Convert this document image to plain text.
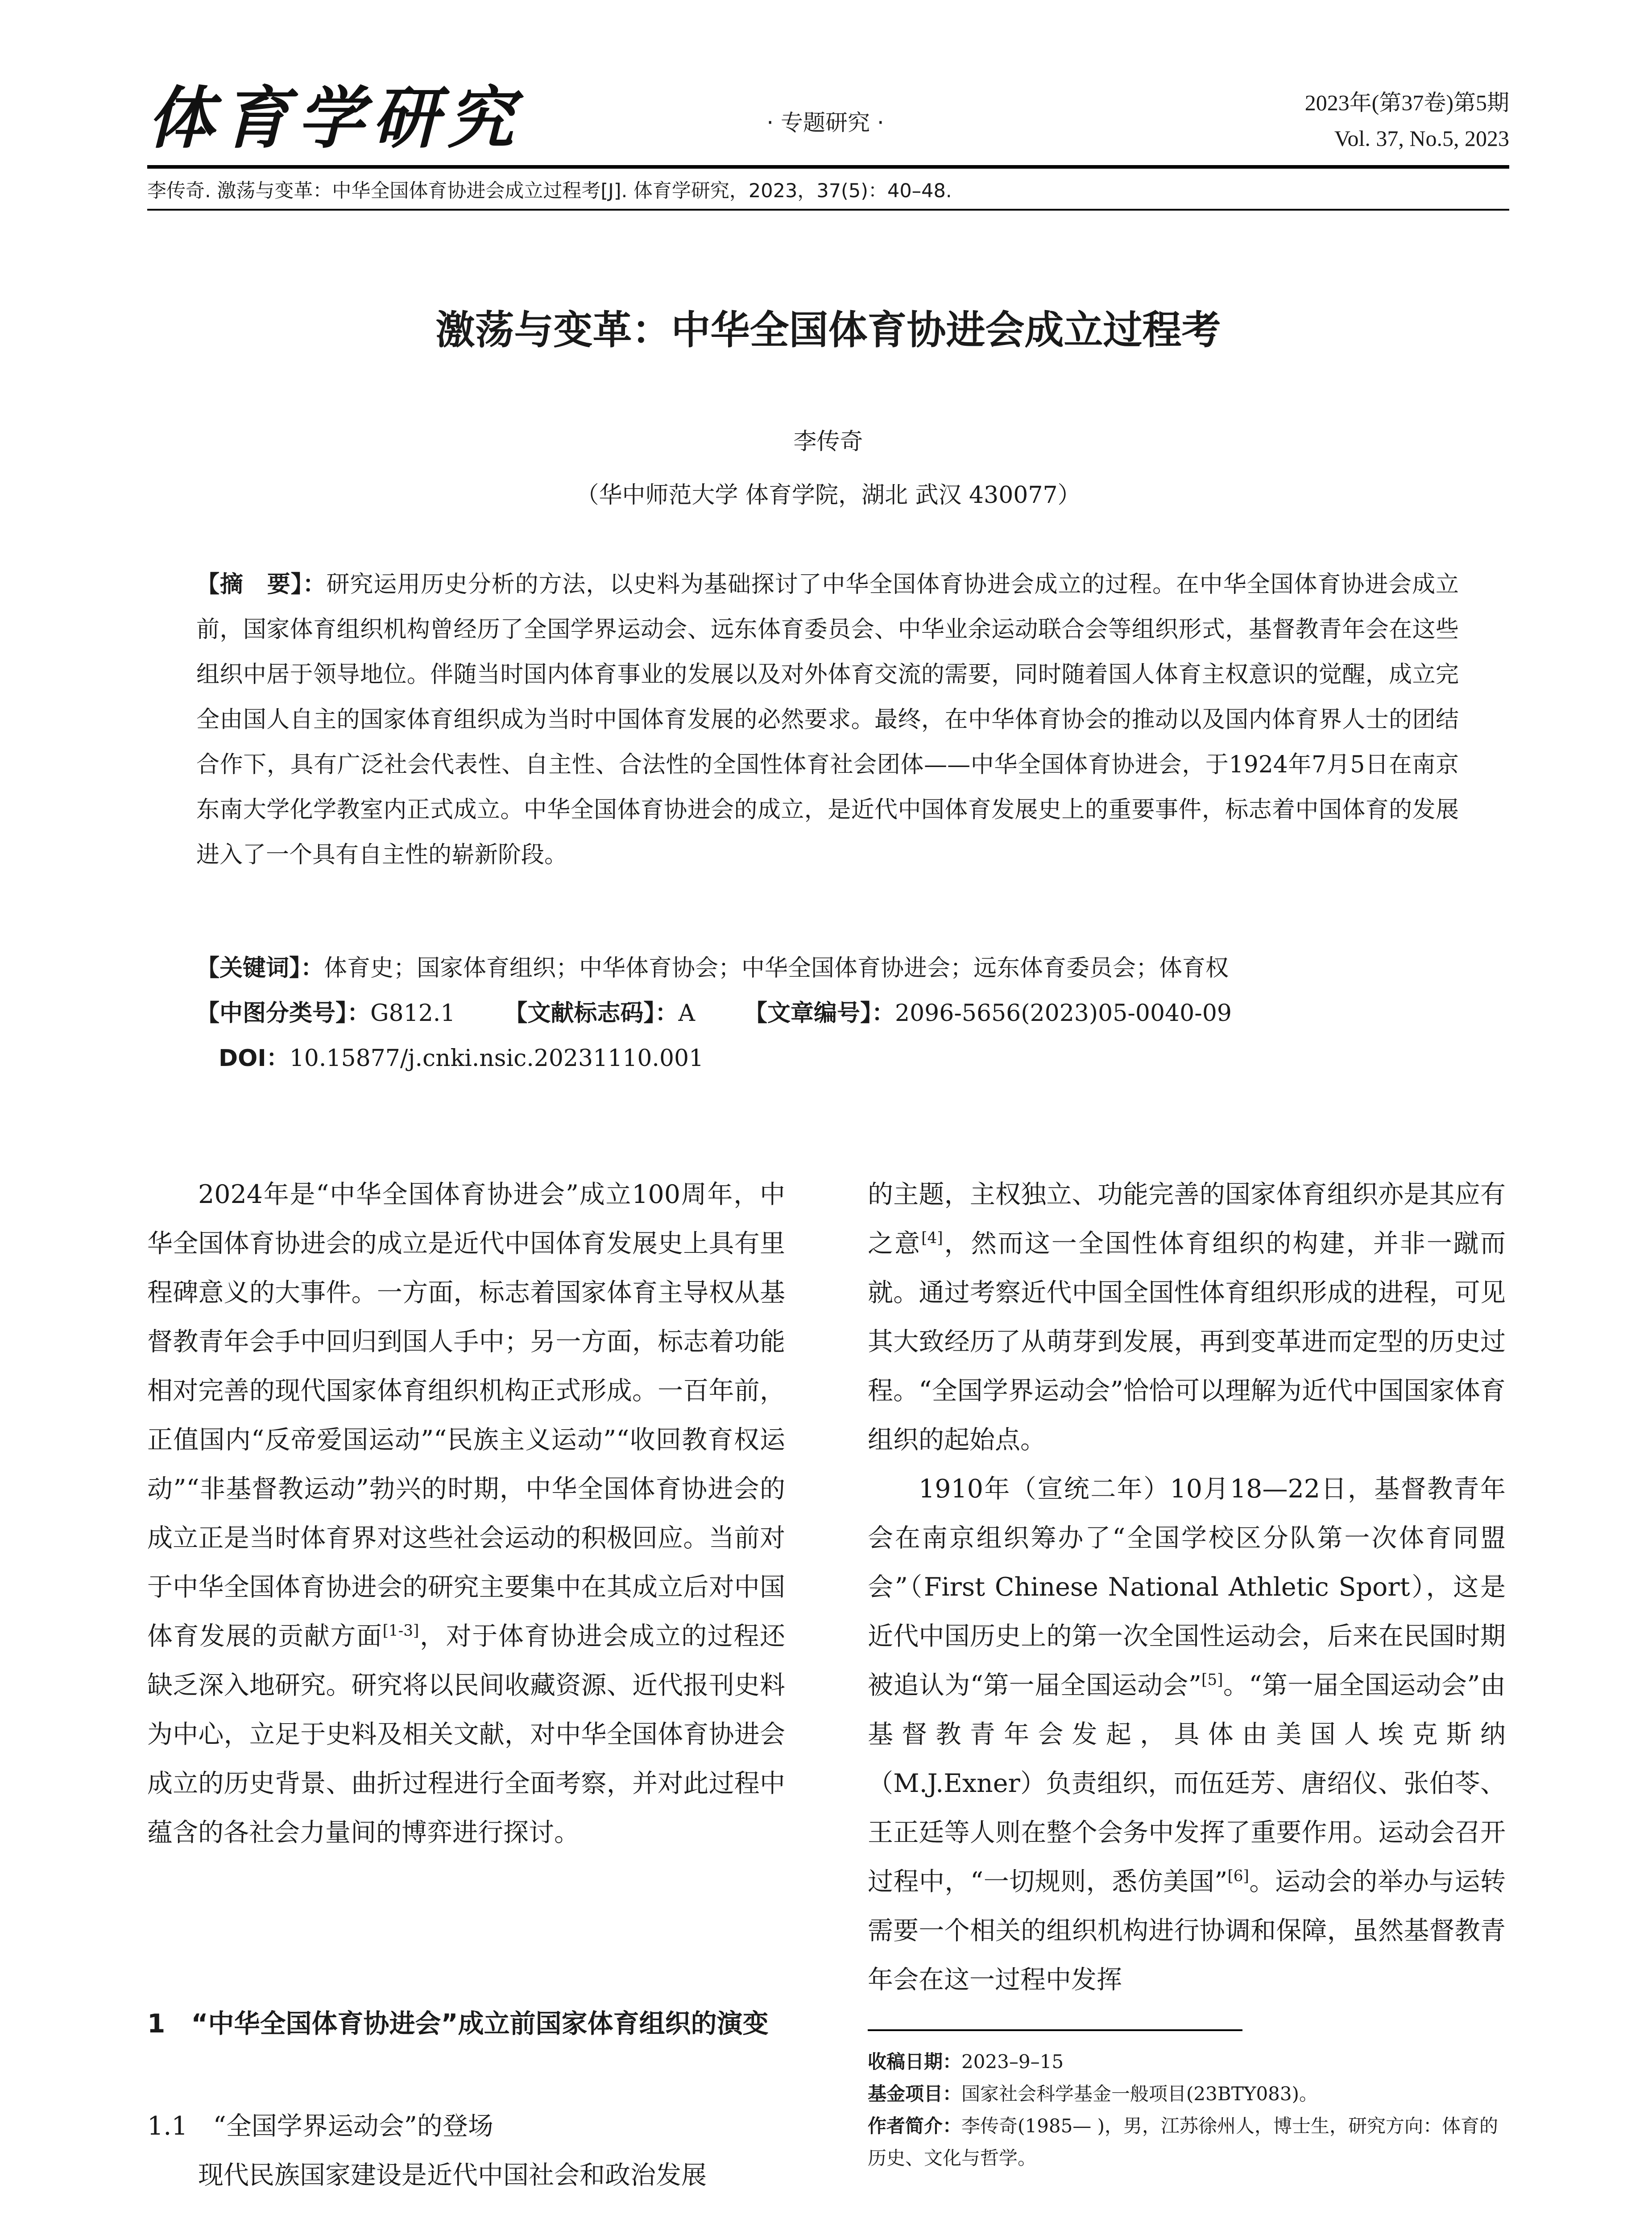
体育学研究	· 专题研究 ·
2023年(第37卷)第5期
Vol. 37, No.5, 2023
李传奇. 激荡与变革：中华全国体育协进会成立过程考[J]. 体育学研究，2023，37(5)：40–48.
激荡与变革：中华全国体育协进会成立过程考
李传奇
（华中师范大学 体育学院，湖北 武汉 430077）
【摘　要】：研究运用历史分析的方法，以史料为基础探讨了中华全国体育协进会成立的过程。在中华全国体育协进会成立前，国家体育组织机构曾经历了全国学界运动会、远东体育委员会、中华业余运动联合会等组织形式，基督教青年会在这些组织中居于领导地位。伴随当时国内体育事业的发展以及对外体育交流的需要，同时随着国人体育主权意识的觉醒，成立完全由国人自主的国家体育组织成为当时中国体育发展的必然要求。最终，在中华体育协会的推动以及国内体育界人士的团结合作下，具有广泛社会代表性、自主性、合法性的全国性体育社会团体——中华全国体育协进会，于1924年7月5日在南京东南大学化学教室内正式成立。中华全国体育协进会的成立，是近代中国体育发展史上的重要事件，标志着中国体育的发展进入了一个具有自主性的崭新阶段。
【关键词】：体育史；国家体育组织；中华体育协会；中华全国体育协进会；远东体育委员会；体育权
【中图分类号】：G812.1 【文献标志码】：A 【文章编号】：2096-5656(2023)05-0040-09
DOI：10.15877/j.cnki.nsic.20231110.001

2024年是“中华全国体育协进会”成立100周年，中华全国体育协进会的成立是近代中国体育发展史上具有里程碑意义的大事件。一方面，标志着国家体育主导权从基督教青年会手中回归到国人手中；另一方面，标志着功能相对完善的现代国家体育组织机构正式形成。一百年前，正值国内“反帝爱国运动”“民族主义运动”“收回教育权运动”“非基督教运动”勃兴的时期，中华全国体育协进会的成立正是当时体育界对这些社会运动的积极回应。当前对于中华全国体育协进会的研究主要集中在其成立后对中国体育发展的贡献方面[1-3]，对于体育协进会成立的过程还缺乏深入地研究。研究将以民间收藏资源、近代报刊史料为中心，立足于史料及相关文献，对中华全国体育协进会成立的历史背景、曲折过程进行全面考察，并对此过程中蕴含的各社会力量间的博弈进行探讨。

1　“中华全国体育协进会”成立前国家体育组织的演变
1.1　“全国学界运动会”的登场

现代民族国家建设是近代中国社会和政治发展

的主题，主权独立、功能完善的国家体育组织亦是其应有之意[4]，然而这一全国性体育组织的构建，并非一蹴而就。通过考察近代中国全国性体育组织形成的进程，可见其大致经历了从萌芽到发展，再到变革进而定型的历史过程。“全国学界运动会”恰恰可以理解为近代中国国家体育组织的起始点。

1910年（宣统二年）10月18—22日，基督教青年会在南京组织筹办了“全国学校区分队第一次体育同盟会”（First Chinese National Athletic Sport），这是近代中国历史上的第一次全国性运动会，后来在民国时期被追认为“第一届全国运动会”[5]。“第一届全国运动会”由基督教青年会发起，具体由美国人埃克斯纳（M.J.Exner）负责组织，而伍廷芳、唐绍仪、张伯苓、王正廷等人则在整个会务中发挥了重要作用。运动会召开过程中，“一切规则，悉仿美国”[6]。运动会的举办与运转需要一个相关的组织机构进行协调和保障，虽然基督教青年会在这一过程中发挥

收稿日期：2023–9–15
基金项目：国家社会科学基金一般项目(23BTY083)。
作者简介：李传奇(1985— )，男，江苏徐州人，博士生，研究方向：体育的历史、文化与哲学。
